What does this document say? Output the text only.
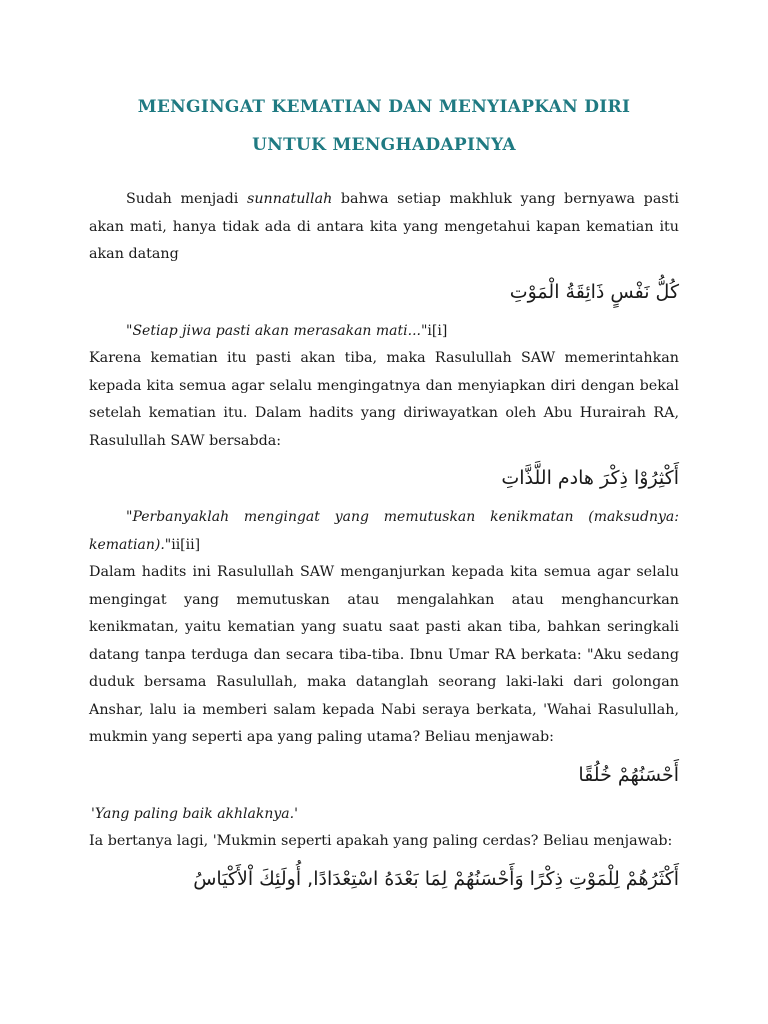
MENGINGAT KEMATIAN DAN MENYIAPKAN DIRI
UNTUK MENGHADAPINYA

Sudah menjadi sunnatullah bahwa setiap makhluk yang bernyawa pasti akan mati, hanya tidak ada di antara kita yang mengetahui kapan kematian itu akan datang

كُلُّ نَفْسٍ ذَائِقَةُ الْمَوْتِ

"Setiap jiwa pasti akan merasakan mati..."i[i]

Karena kematian itu pasti akan tiba, maka Rasulullah SAW memerintahkan kepada kita semua agar selalu mengingatnya dan menyiapkan diri dengan bekal setelah kematian itu. Dalam hadits yang diriwayatkan oleh Abu Hurairah RA, Rasulullah SAW bersabda:

أَكْثِرُوْا ذِكْرَ هادم اللَّذَّاتِ

"Perbanyaklah mengingat yang memutuskan kenikmatan (maksudnya: kematian)."ii[ii]

Dalam hadits ini Rasulullah SAW menganjurkan kepada kita semua agar selalu mengingat yang memutuskan atau mengalahkan atau menghancurkan kenikmatan, yaitu kematian yang suatu saat pasti akan tiba, bahkan seringkali datang tanpa terduga dan secara tiba-tiba. Ibnu Umar RA berkata: "Aku sedang duduk bersama Rasulullah, maka datanglah seorang laki-laki dari golongan Anshar, lalu ia memberi salam kepada Nabi seraya berkata, 'Wahai Rasulullah, mukmin yang seperti apa yang paling utama? Beliau menjawab:

أَحْسَنُهُمْ خُلُقًا

'Yang paling baik akhlaknya.'

Ia bertanya lagi, 'Mukmin seperti apakah yang paling cerdas? Beliau menjawab:

أَكْثَرُهُمْ لِلْمَوْتِ ذِكْرًا وَأَحْسَنُهُمْ لِمَا بَعْدَهُ اسْتِعْدَادًا, أُولَئِكَ اْلأَكْيَاسُ
